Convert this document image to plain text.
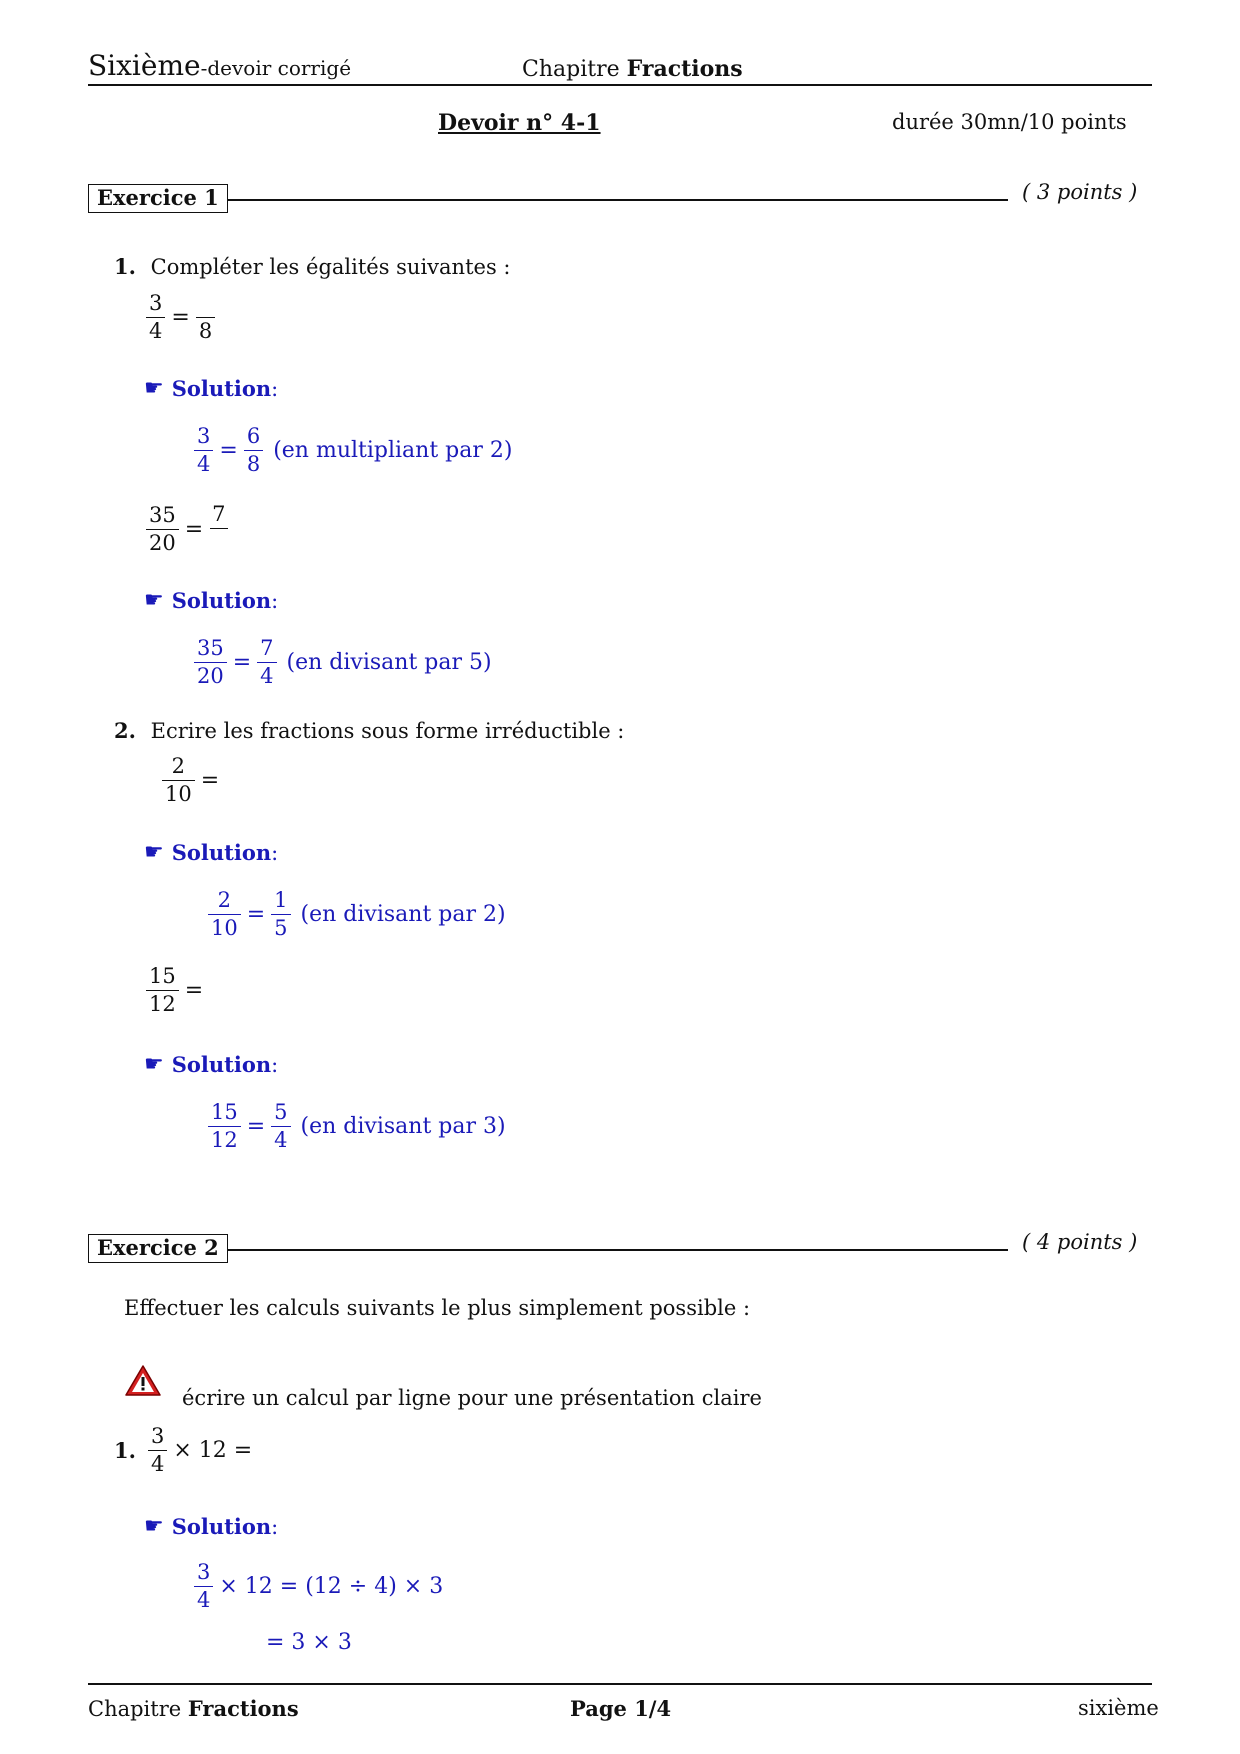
Sixième-devoir corrigé	Chapitre Fractions
Devoir n° 4-1	durée 30mn/10 points
Exercice 1	( 3 points )
1. Compléter les égalités suivantes :
$\frac{3}{4}$ =
8
☛ Solution:
$\frac{3}{4} = \frac{6}{8} (en$ multipliant par 2)
$\frac{35}{20}$ =
7
☛ Solution:
$\frac{35}{20} = \frac{7}{4} (en$ divisant par 5)
2. Ecrire les fractions sous forme irréductible :
$\frac{2}{10}$ =
☛ Solution:
$\frac{2}{10} = \frac{1}{5} (en$ divisant par 2)
$\frac{15}{12}$ =
☛ Solution:
$\frac{15}{12} = \frac{5}{4} (en$ divisant par 3)
Exercice 2	( 4 points )
Effectuer les calculs suivants le plus simplement possible :
écrire un calcul par ligne pour une présentation claire
1. $\frac{3}{4} \times 12$ =
☛ Solution:
$\frac{3}{4} \times 12 = (12 \div 4) \times 3$
= 3 × 3
Chapitre Fractions	Page 1/4	sixième
